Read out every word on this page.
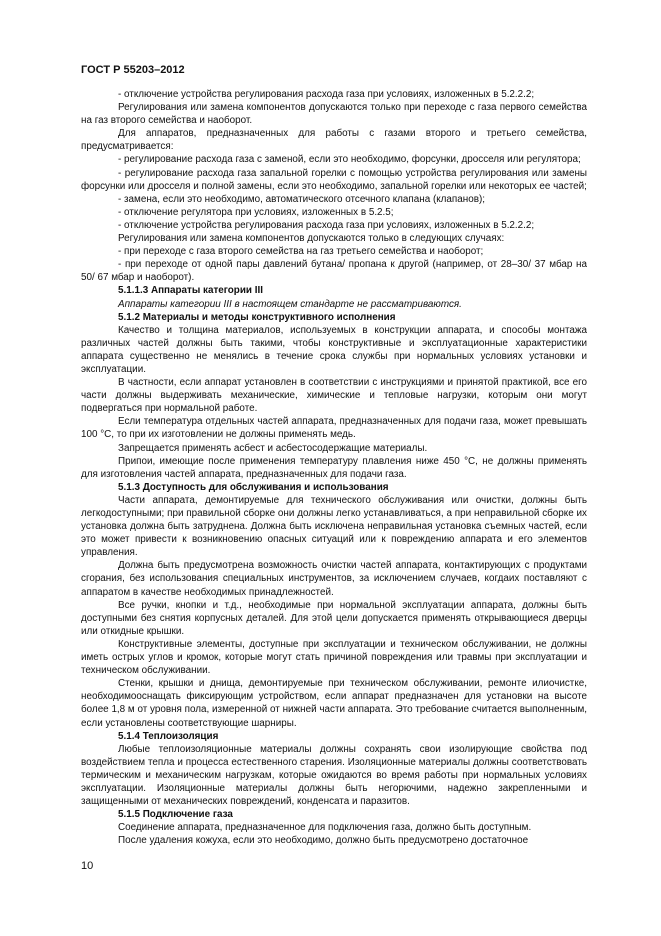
ГОСТ Р 55203–2012

- отключение устройства регулирования расхода газа при условиях, изложенных в 5.2.2.2;

Регулирования или замена компонентов допускаются только при переходе с газа первого семейства на газ второго семейства и наоборот.

Для аппаратов, предназначенных для работы с газами второго и третьего семейства, предусматривается:

- регулирование расхода газа с заменой, если это необходимо, форсунки, дросселя или регулятора;

- регулирование расхода газа запальной горелки с помощью устройства регулирования или замены форсунки или дросселя и полной замены, если это необходимо, запальной горелки или некоторых ее частей;

- замена, если это необходимо, автоматического отсечного клапана (клапанов);

- отключение регулятора при условиях, изложенных в 5.2.5;

- отключение устройства регулирования расхода газа при условиях, изложенных в 5.2.2.2;

Регулирования или замена компонентов допускаются только в следующих случаях:

- при переходе с газа второго семейства на газ третьего семейства и наоборот;

- при переходе от одной пары давлений бутана/ пропана к другой (например, от 28–30/ 37 мбар на 50/ 67 мбар и наоборот).

5.1.1.3 Аппараты категории III

Аппараты категории III в настоящем стандарте не рассматриваются.

5.1.2 Материалы и методы конструктивного исполнения

Качество и толщина материалов, используемых в конструкции аппарата, и способы монтажа различных частей должны быть такими, чтобы конструктивные и эксплуатационные характеристики аппарата существенно не менялись в течение срока службы при нормальных условиях установки и эксплуатации.

В частности, если аппарат установлен в соответствии с инструкциями и принятой практикой, все его части должны выдерживать механические, химические и тепловые нагрузки, которым они могут подвергаться при нормальной работе.

Если температура отдельных частей аппарата, предназначенных для подачи газа, может превышать 100 °С, то при их изготовлении не должны применять медь.

Запрещается применять асбест и асбестосодержащие материалы.

Припои, имеющие после применения температуру плавления ниже 450 °С, не должны применять для изготовления частей аппарата, предназначенных для подачи газа.

5.1.3 Доступность для обслуживания и использования

Части аппарата, демонтируемые для технического обслуживания или очистки, должны быть легкодоступными; при правильной сборке они должны легко устанавливаться, а при неправильной сборке их установка должна быть затруднена. Должна быть исключена неправильная установка съемных частей, если это может привести к возникновению опасных ситуаций или к повреждению аппарата и его элементов управления.

Должна быть предусмотрена возможность очистки частей аппарата, контактирующих с продуктами сгорания, без использования специальных инструментов, за исключением случаев, когдаих поставляют с аппаратом в качестве необходимых принадлежностей.

Все ручки, кнопки и т.д., необходимые при нормальной эксплуатации аппарата, должны быть доступными без снятия корпусных деталей. Для этой цели допускается применять открывающиеся дверцы или откидные крышки.

Конструктивные элементы, доступные при эксплуатации и техническом обслуживании, не должны иметь острых углов и кромок, которые могут стать причиной повреждения или травмы при эксплуатации и техническом обслуживании.

Стенки, крышки и днища, демонтируемые при техническом обслуживании, ремонте илиочистке, необходимооснащать фиксирующим устройством, если аппарат предназначен для установки на высоте более 1,8 м от уровня пола, измеренной от нижней части аппарата. Это требование считается выполненным, если установлены соответствующие шарниры.

5.1.4 Теплоизоляция

Любые теплоизоляционные материалы должны сохранять свои изолирующие свойства под воздействием тепла и процесса естественного старения. Изоляционные материалы должны соответствовать термическим и механическим нагрузкам, которые ожидаются во время работы при нормальных условиях эксплуатации. Изоляционные материалы должны быть негорючими, надежно закрепленными и защищенными от механических повреждений, конденсата и паразитов.

5.1.5 Подключение газа

Соединение аппарата, предназначенное для подключения газа, должно быть доступным.

После удаления кожуха, если это необходимо, должно быть предусмотрено достаточное

10
